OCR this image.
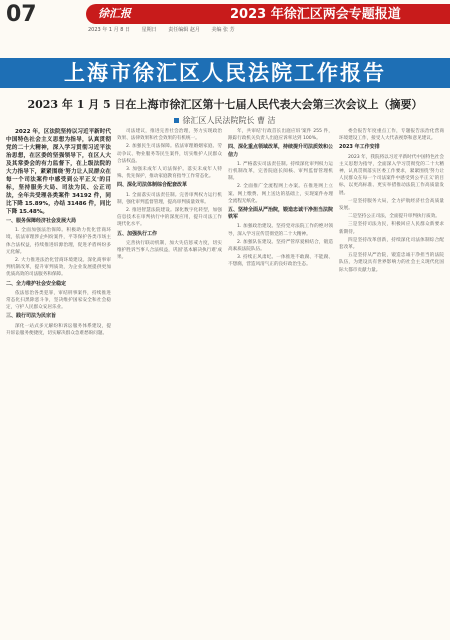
07	徐汇报	2023 年徐汇区两会专题报道
2023 年 1 月 8 日 星期日 责任编辑 赵月 美编 张 芳
上海市徐汇区人民法院工作报告
2023 年 1 月 5 日在上海市徐汇区第十七届人民代表大会第三次会议上（摘要）
徐汇区人民法院院长 曹 洁

2022 年，区法院坚持以习近平新时代中国特色社会主义思想为指导，认真贯彻党的二十大精神，深入学习贯彻习近平法治思想，在区委的坚强领导下，在区人大及其常委会的有力监督下，在上级法院的大力指导下，紧紧围绕'努力让人民群众在每一个司法案件中感受到公平正义'的目标，坚持服务大局、司法为民、公正司法，全年共受理各类案件 34192 件，同比下降 15.89%，办结 31486 件，同比下降 15.48%。

一、服务保障经济社会发展大局

1. 全面加强法治保障。积极助力优化营商环境，依法审理涉企纠纷案件，平等保护各类市场主体合法权益，持续推进诉源治理，促进矛盾纠纷多元化解。

2. 大力推进法治化营商环境建设。深化商事审判机制改革，提升审判质效，为企业发展提供更加优质高效的司法服务和保障。

二、全力维护社会安全稳定

依法惩治各类犯罪，审结刑事案件，持续推进常态化扫黑除恶斗争，坚决维护国家安全和社会稳定，守护人民群众安居乐业。

三、践行司法为民宗旨

深化一站式多元解纷和诉讼服务体系建设，提升诉讼服务便捷度，切实解决群众急难愁盼问题。

司法建议，推进完善社会治理，努力实现政治效果、法律效果和社会效果的有机统一。

2. 加强民生司法保障。依法审理婚姻家庭、劳动争议、物业服务等民生案件，切实维护人民群众合法权益。

3. 加强未成年人司法保护。落实未成年人特殊、优先保护，推动家庭教育指导工作常态化。

四、深化司法体制综合配套改革

1. 全面落实司法责任制。完善审判权力运行机制，强化审判监督管理，提高审判质量效率。

2. 推进智慧法院建设。深化数字化转型，加强信息技术在审判执行中的深度应用，提升司法工作现代化水平。

五、加强执行工作

完善执行联动机制，加大失信惩戒力度，切实维护胜诉当事人合法权益，巩固'基本解决执行难'成果。

年，共审结'行政首长出庭应诉'案件 255 件，跟踪行政机关负责人出庭应诉率达到 100%。

四、深化重点领域改革，持续提升司法质效和公信力

1. 严格落实司法责任制。持续深化审判权力运行机制改革，完善院庭长阅核、审判监督管理机制。

2. 全面推广全流程网上办案。在推进网上立案、网上缴费、网上送达的基础上，实现案件办理全流程无纸化。

五、坚持全面从严治院，锻造忠诚干净担当法院铁军

1. 加强政治建设。坚持党对法院工作的绝对领导，深入学习宣传贯彻党的二十大精神。

2. 加强队伍建设。坚持严管厚爱相结合，锻造高素质法院队伍。

3. 持续正风肃纪。一体推进不敢腐、不能腐、不想腐，营造风清气正的良好政治生态。

委会报告年度重点工作，专题报告法治化营商环境建设工作，接受人大代表视察和意见建议。

2023 年工作安排

2023 年，我院将以习近平新时代中国特色社会主义思想为指导，全面深入学习贯彻党的二十大精神，认真贯彻落实区委工作要求，紧紧围绕'努力让人民群众在每一个司法案件中感受到公平正义'的目标，以更高标准、更实举措推动法院工作高质量发展。

一是坚持服务大局，全力护航经济社会高质量发展。

二是坚持公正司法，全面提升审判执行质效。

三是坚持司法为民，积极回应人民群众新要求新期待。

四是坚持改革创新，持续深化司法体制综合配套改革。

五是坚持从严治院，锻造忠诚干净担当的法院队伍，为建设具有世界影响力的社会主义现代化国际大都市贡献力量。
